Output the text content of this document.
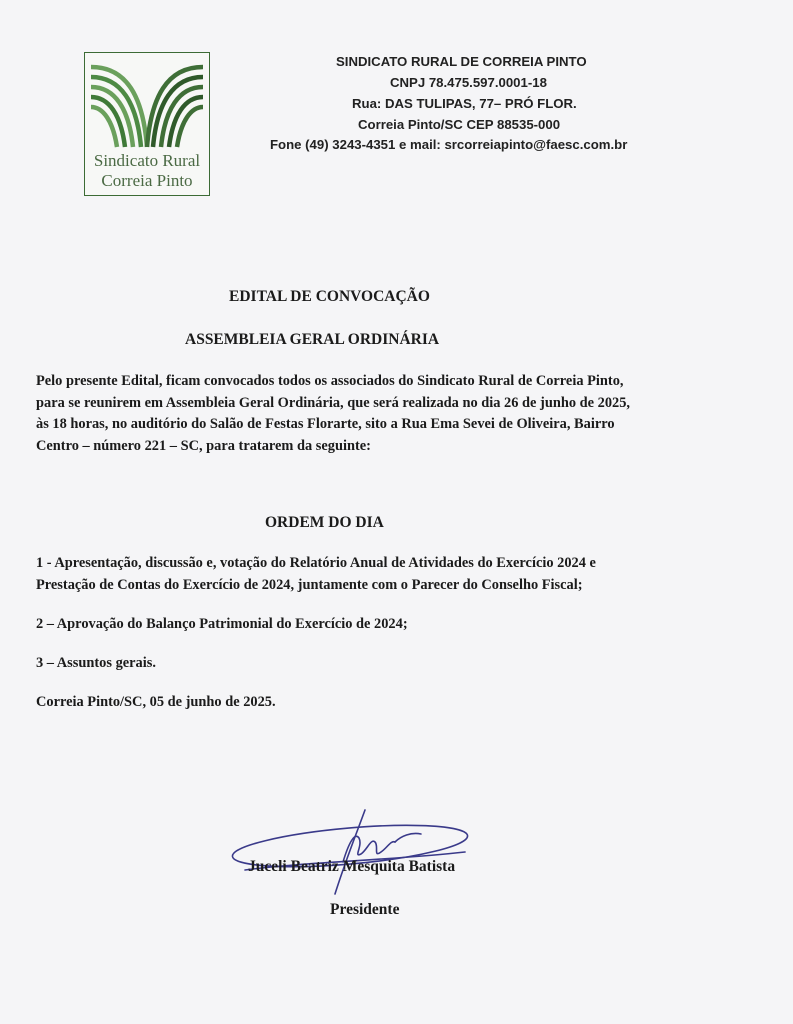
Sindicato Rural
Correia Pinto
SINDICATO RURAL DE CORREIA PINTO
CNPJ 78.475.597.0001-18
Rua: DAS TULIPAS, 77– PRÓ FLOR.
Correia Pinto/SC CEP 88535-000
Fone (49) 3243-4351 e mail: srcorreiapinto@faesc.com.br
EDITAL DE CONVOCAÇÃO
ASSEMBLEIA GERAL ORDINÁRIA
Pelo presente Edital, ficam convocados todos os associados do Sindicato Rural de Correia Pinto,
para se reunirem em Assembleia Geral Ordinária, que será realizada no dia 26 de junho de 2025,
às 18 horas, no auditório do Salão de Festas Florarte, sito a Rua Ema Sevei de Oliveira, Bairro
Centro – número 221 – SC, para tratarem da seguinte:
ORDEM DO DIA
1 - Apresentação, discussão e, votação do Relatório Anual de Atividades do Exercício 2024 e
Prestação de Contas do Exercício de 2024, juntamente com o Parecer do Conselho Fiscal;
2 – Aprovação do Balanço Patrimonial do Exercício de 2024;
3 – Assuntos gerais.
Correia Pinto/SC, 05 de junho de 2025.
Juceli Beatriz Mesquita Batista
Presidente
